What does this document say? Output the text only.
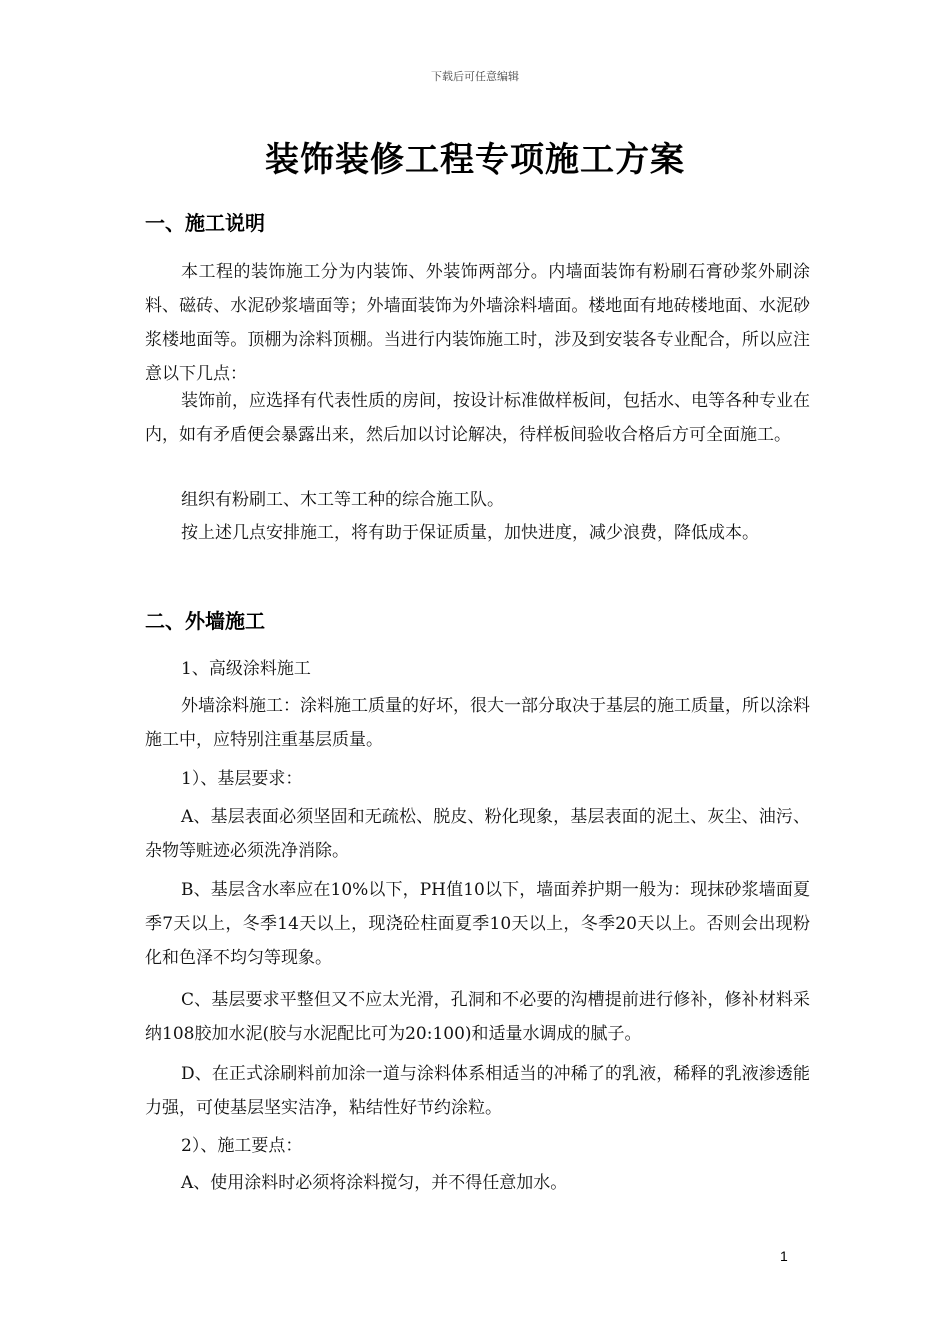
下载后可任意编辑
装饰装修工程专项施工方案
一、施工说明

本工程的装饰施工分为内装饰、外装饰两部分。内墙面装饰有粉刷石膏砂浆外刷涂料、磁砖、水泥砂浆墙面等；外墙面装饰为外墙涂料墙面。楼地面有地砖楼地面、水泥砂浆楼地面等。顶棚为涂料顶棚。当进行内装饰施工时，涉及到安装各专业配合，所以应注意以下几点：

装饰前，应选择有代表性质的房间，按设计标准做样板间，包括水、电等各种专业在内，如有矛盾便会暴露出来，然后加以讨论解决，待样板间验收合格后方可全面施工。

组织有粉刷工、木工等工种的综合施工队。

按上述几点安排施工，将有助于保证质量，加快进度，减少浪费，降低成本。

二、外墙施工

1、高级涂料施工

外墙涂料施工：涂料施工质量的好坏，很大一部分取决于基层的施工质量，所以涂料施工中，应特别注重基层质量。

1）、基层要求：

A、基层表面必须坚固和无疏松、脱皮、粉化现象，基层表面的泥土、灰尘、油污、杂物等赃迹必须洗净消除。

B、基层含水率应在10%以下，PH值10以下，墙面养护期一般为：现抹砂浆墙面夏季7天以上，冬季14天以上，现浇砼柱面夏季10天以上，冬季20天以上。否则会出现粉化和色泽不均匀等现象。

C、基层要求平整但又不应太光滑，孔洞和不必要的沟槽提前进行修补，修补材料采纳108胶加水泥(胶与水泥配比可为20:100)和适量水调成的腻子。

D、在正式涂刷料前加涂一道与涂料体系相适当的冲稀了的乳液，稀释的乳液渗透能力强，可使基层坚实洁净，粘结性好节约涂粒。

2）、施工要点：

A、使用涂料时必须将涂料搅匀，并不得任意加水。

1
